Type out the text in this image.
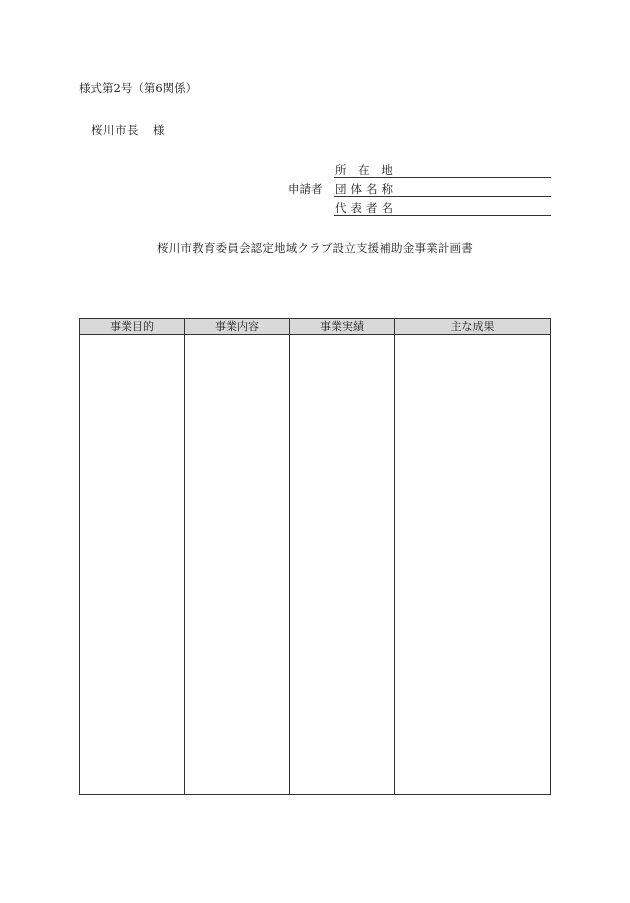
様式第2号（第6関係）
桜川市長 様
申請者
所 在 地
団体名称
代表者名
桜川市教育委員会認定地域クラブ設立支援補助金事業計画書
事業目的	事業内容	事業実績	主な成果
